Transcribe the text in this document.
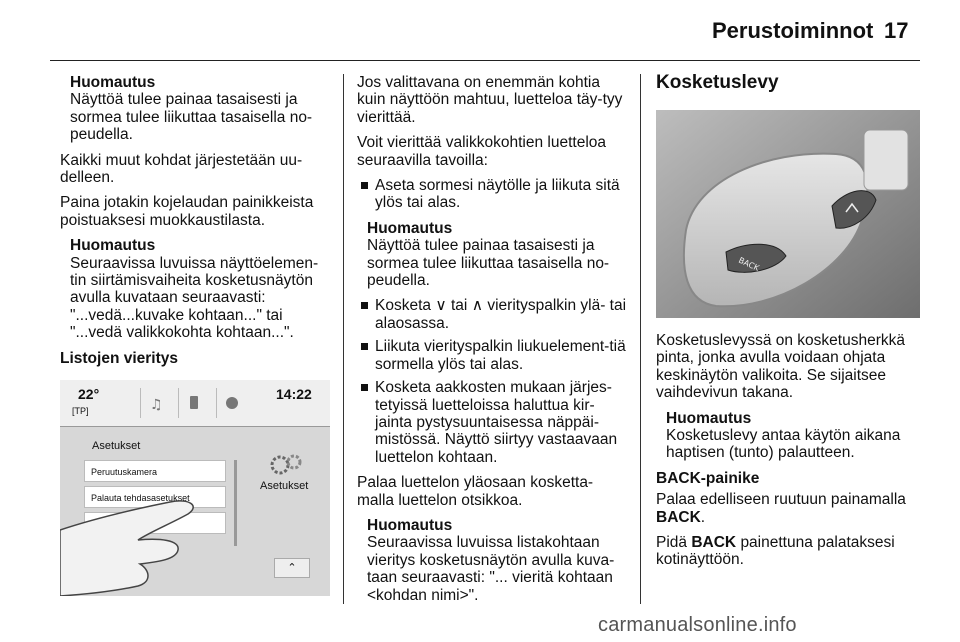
Perustoiminnot 17
Huomautus
Näyttöä tulee painaa tasaisesti ja sormea tulee liikuttaa tasaisella no-peudella.
Kaikki muut kohdat järjestetään uu-delleen.
Paina jotakin kojelaudan painikkeista poistuaksesi muokkaustilasta.
Huomautus
Seuraavissa luvuissa näyttöelemen-tin siirtämisvaiheita kosketusnäytön avulla kuvataan seuraavasti: "...vedä...kuvake kohtaan..." tai "...vedä valikkokohta kohtaan...".
Listojen vieritys
22°
[TP]	♫
14:22
Asetukset
Peruutuskamera
Palauta tehdasasetukset
Asetukset
⌃
Jos valittavana on enemmän kohtia kuin näyttöön mahtuu, luetteloa täy-tyy vierittää.
Voit vierittää valikkokohtien luetteloa seuraavilla tavoilla:
Aseta sormesi näytölle ja liikuta sitä ylös tai alas.
Huomautus
Näyttöä tulee painaa tasaisesti ja sormea tulee liikuttaa tasaisella no-peudella.
Kosketa ∨ tai ∧ vierityspalkin ylä- tai alaosassa.
Liikuta vierityspalkin liukuelement-tiä sormella ylös tai alas.
Kosketa aakkosten mukaan järjes-tetyissä luetteloissa haluttua kir-jainta pystysuuntaisessa näppäi-mistössä. Näyttö siirtyy vastaavaan luettelon kohtaan.
Palaa luettelon yläosaan kosketta-malla luettelon otsikkoa.
Huomautus
Seuraavissa luvuissa listakohtaan vieritys kosketusnäytön avulla kuva-taan seuraavasti: "... vieritä kohtaan <kohdan nimi>".
Kosketuslevy
BACK
Kosketuslevyssä on kosketusherkkä pinta, jonka avulla voidaan ohjata keskinäytön valikoita. Se sijaitsee vaihdevivun takana.
Huomautus
Kosketuslevy antaa käytön aikana haptisen (tunto) palautteen.
BACK-painike
Palaa edelliseen ruutuun painamalla BACK.
Pidä BACK painettuna palataksesi kotinäyttöön.
carmanualsonline.info
